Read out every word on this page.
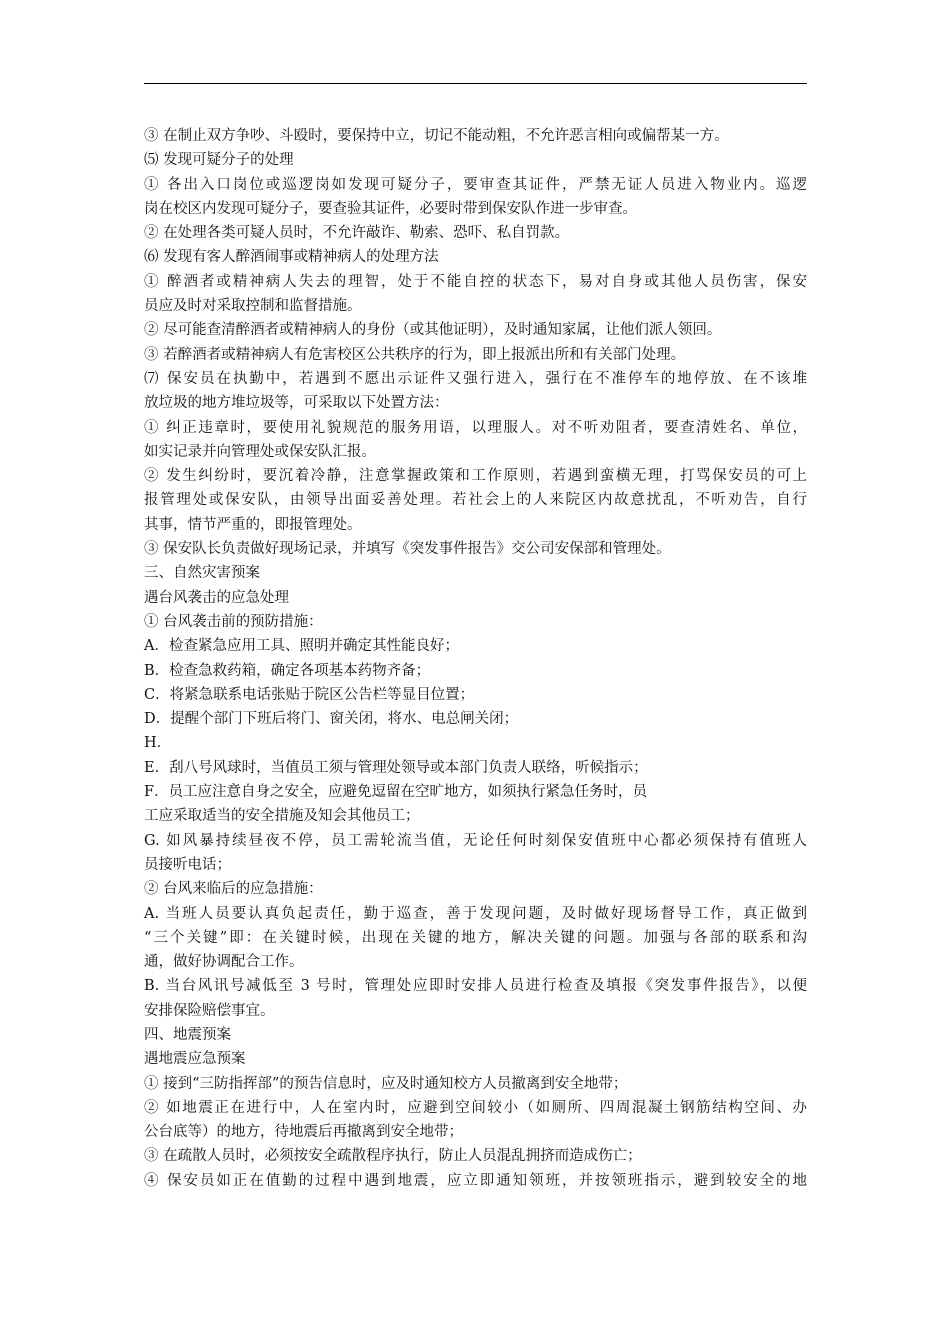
③ 在制止双方争吵、斗殴时，要保持中立，切记不能动粗，不允许恶言相向或偏帮某一方。
⑸ 发现可疑分子的处理
① 各出入口岗位或巡逻岗如发现可疑分子，要审查其证件，严禁无证人员进入物业内。巡逻
岗在校区内发现可疑分子，要查验其证件，必要时带到保安队作进一步审查。
② 在处理各类可疑人员时，不允许敲诈、勒索、恐吓、私自罚款。
⑹ 发现有客人醉酒闹事或精神病人的处理方法
① 醉酒者或精神病人失去的理智，处于不能自控的状态下，易对自身或其他人员伤害，保安
员应及时对采取控制和监督措施。
② 尽可能查清醉酒者或精神病人的身份（或其他证明），及时通知家属，让他们派人领回。
③ 若醉酒者或精神病人有危害校区公共秩序的行为，即上报派出所和有关部门处理。
⑺ 保安员在执勤中，若遇到不愿出示证件又强行进入，强行在不准停车的地停放、在不该堆
放垃圾的地方堆垃圾等，可采取以下处置方法：
① 纠正违章时，要使用礼貌规范的服务用语，以理服人。对不听劝阻者，要查清姓名、单位，
如实记录并向管理处或保安队汇报。
② 发生纠纷时，要沉着冷静，注意掌握政策和工作原则，若遇到蛮横无理，打骂保安员的可上
报管理处或保安队，由领导出面妥善处理。若社会上的人来院区内故意扰乱，不听劝告，自行
其事，情节严重的，即报管理处。
③ 保安队长负责做好现场记录，并填写《突发事件报告》交公司安保部和管理处。
三、自然灾害预案
遇台风袭击的应急处理
① 台风袭击前的预防措施：
A．检查紧急应用工具、照明并确定其性能良好；
B．检查急救药箱，确定各项基本药物齐备；
C．将紧急联系电话张贴于院区公告栏等显目位置；
D．提醒个部门下班后将门、窗关闭，将水、电总闸关闭；
H．
E．刮八号风球时，当值员工须与管理处领导或本部门负责人联络，听候指示；
F．员工应注意自身之安全，应避免逗留在空旷地方，如须执行紧急任务时，员
工应采取适当的安全措施及知会其他员工；
G. 如风暴持续昼夜不停，员工需轮流当值，无论任何时刻保安值班中心都必须保持有值班人
员接听电话；
② 台风来临后的应急措施：
A. 当班人员要认真负起责任，勤于巡查，善于发现问题，及时做好现场督导工作，真正做到
“三个关键”即：在关键时候，出现在关键的地方，解决关键的问题。加强与各部的联系和沟
通，做好协调配合工作。
B. 当台风讯号减低至 3 号时，管理处应即时安排人员进行检查及填报《突发事件报告》，以便
安排保险赔偿事宜。
四、地震预案
遇地震应急预案
① 接到“三防指挥部”的预告信息时，应及时通知校方人员撤离到安全地带；
② 如地震正在进行中，人在室内时，应避到空间较小（如厕所、四周混凝土钢筋结构空间、办
公台底等）的地方，待地震后再撤离到安全地带；
③ 在疏散人员时，必须按安全疏散程序执行，防止人员混乱拥挤而造成伤亡；
④ 保安员如正在值勤的过程中遇到地震，应立即通知领班，并按领班指示，避到较安全的地
